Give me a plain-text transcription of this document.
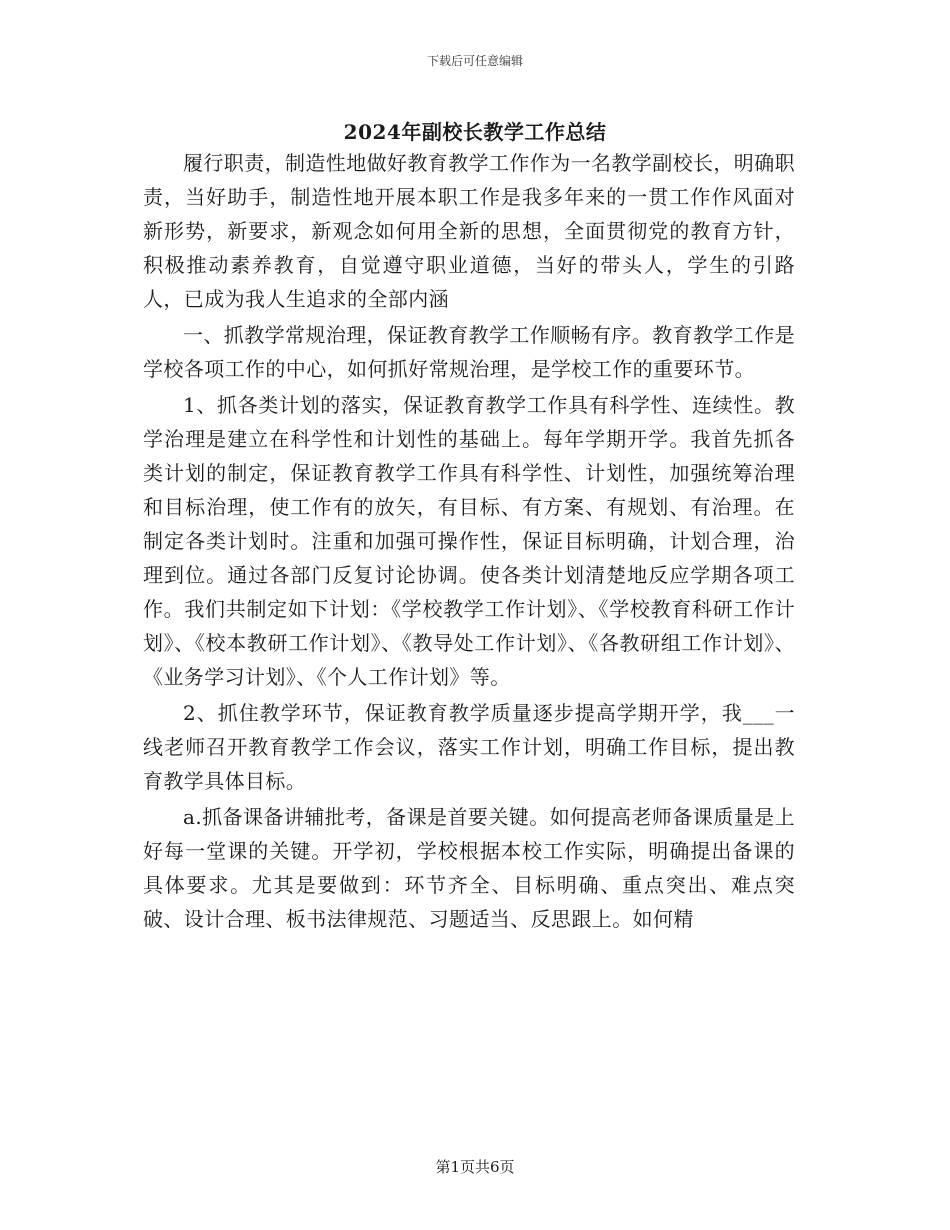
下载后可任意编辑
2024年副校长教学工作总结

履行职责，制造性地做好教育教学工作作为一名教学副校长，明确职责，当好助手，制造性地开展本职工作是我多年来的一贯工作作风面对新形势，新要求，新观念如何用全新的思想，全面贯彻党的教育方针，积极推动素养教育，自觉遵守职业道德，当好的带头人，学生的引路人，已成为我人生追求的全部内涵

一、抓教学常规治理，保证教育教学工作顺畅有序。教育教学工作是学校各项工作的中心，如何抓好常规治理，是学校工作的重要环节。

1、抓各类计划的落实，保证教育教学工作具有科学性、连续性。教学治理是建立在科学性和计划性的基础上。每年学期开学。我首先抓各类计划的制定，保证教育教学工作具有科学性、计划性，加强统筹治理和目标治理，使工作有的放矢，有目标、有方案、有规划、有治理。在制定各类计划时。注重和加强可操作性，保证目标明确，计划合理，治理到位。通过各部门反复讨论协调。使各类计划清楚地反应学期各项工作。我们共制定如下计划：《学校教学工作计划》、《学校教育科研工作计划》、《校本教研工作计划》、《教导处工作计划》、《各教研组工作计划》、《业务学习计划》、《个人工作计划》等。

2、抓住教学环节，保证教育教学质量逐步提高学期开学，我___一线老师召开教育教学工作会议，落实工作计划，明确工作目标，提出教育教学具体目标。

a.抓备课备讲辅批考，备课是首要关键。如何提高老师备课质量是上好每一堂课的关键。开学初，学校根据本校工作实际，明确提出备课的具体要求。尤其是要做到：环节齐全、目标明确、重点突出、难点突破、设计合理、板书法律规范、习题适当、反思跟上。如何精

第1页共6页
